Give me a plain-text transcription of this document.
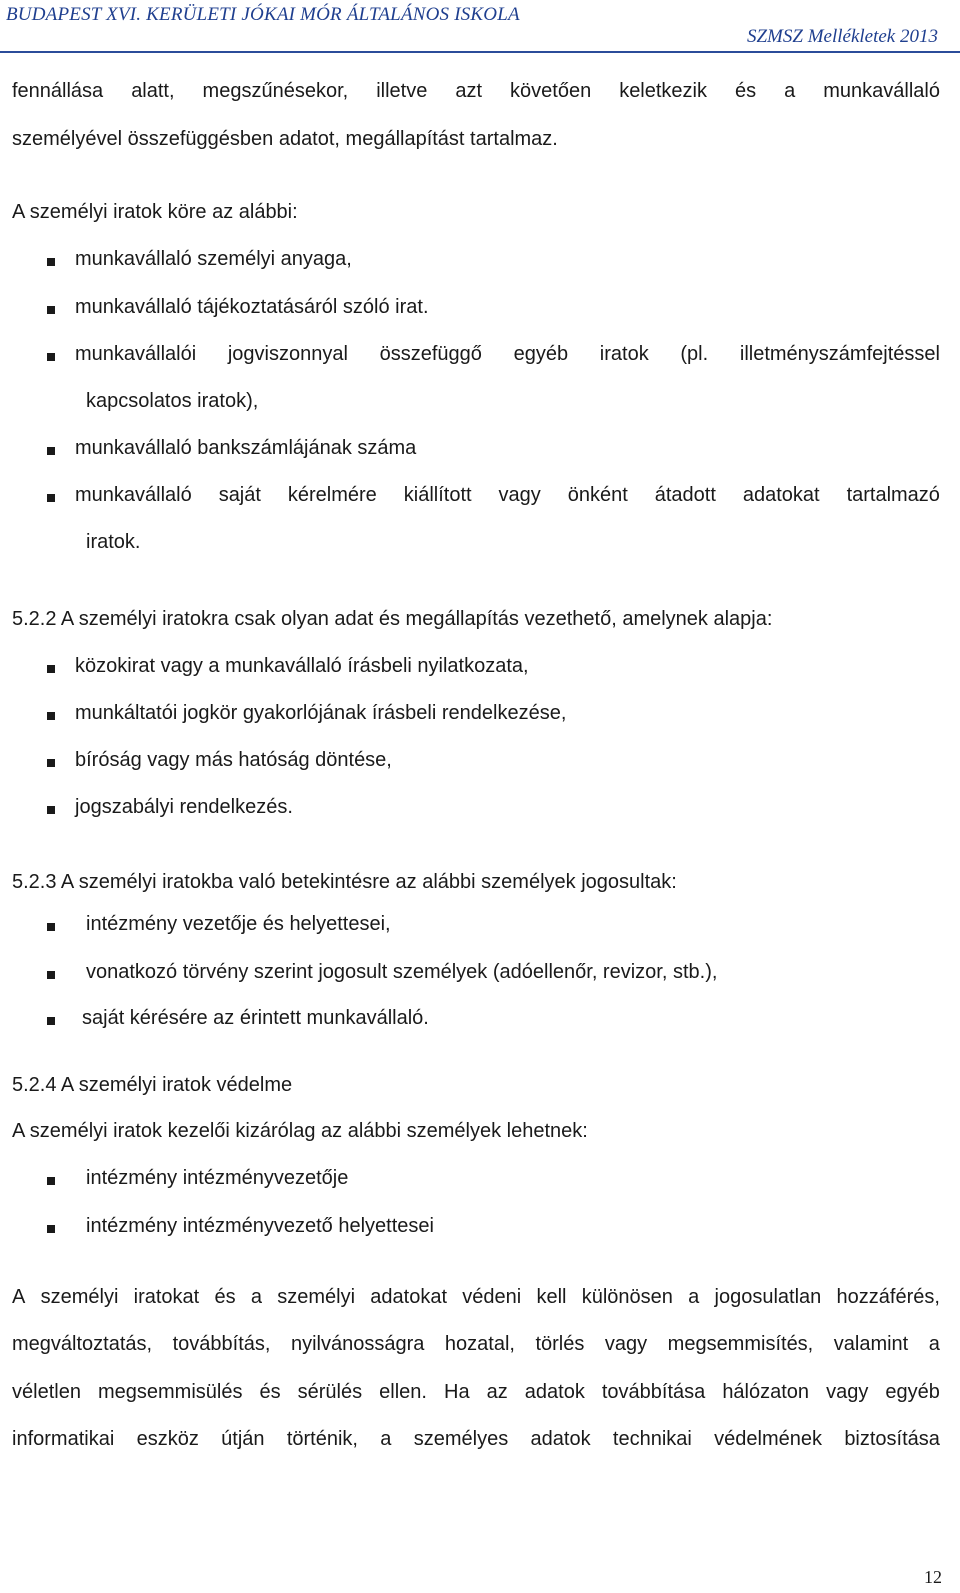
BUDAPEST XVI. KERÜLETI JÓKAI MÓR ÁLTALÁNOS ISKOLA
SZMSZ Mellékletek 2013
fennállása alatt, megszűnésekor, illetve azt követően keletkezik és a munkavállaló
személyével összefüggésben adatot, megállapítást tartalmaz.
A személyi iratok köre az alábbi:
munkavállaló személyi anyaga,
munkavállaló tájékoztatásáról szóló irat.
munkavállalói jogviszonnyal összefüggő egyéb iratok (pl. illetményszámfejtéssel
kapcsolatos iratok),
munkavállaló bankszámlájának száma
munkavállaló saját kérelmére kiállított vagy önként átadott adatokat tartalmazó
iratok.
5.2.2 A személyi iratokra csak olyan adat és megállapítás vezethető, amelynek alapja:
közokirat vagy a munkavállaló írásbeli nyilatkozata,
munkáltatói jogkör gyakorlójának írásbeli rendelkezése,
bíróság vagy más hatóság döntése,
jogszabályi rendelkezés.
5.2.3 A személyi iratokba való betekintésre az alábbi személyek jogosultak:
intézmény vezetője és helyettesei,
vonatkozó törvény szerint jogosult személyek (adóellenőr, revizor, stb.),
saját kérésére az érintett munkavállaló.
5.2.4 A személyi iratok védelme
A személyi iratok kezelői kizárólag az alábbi személyek lehetnek:
intézmény intézményvezetője
intézmény intézményvezető helyettesei
A személyi iratokat és a személyi adatokat védeni kell különösen a jogosulatlan hozzáférés,
megváltoztatás, továbbítás, nyilvánosságra hozatal, törlés vagy megsemmisítés, valamint a
véletlen megsemmisülés és sérülés ellen. Ha az adatok továbbítása hálózaton vagy egyéb
informatikai eszköz útján történik, a személyes adatok technikai védelmének biztosítása
12
